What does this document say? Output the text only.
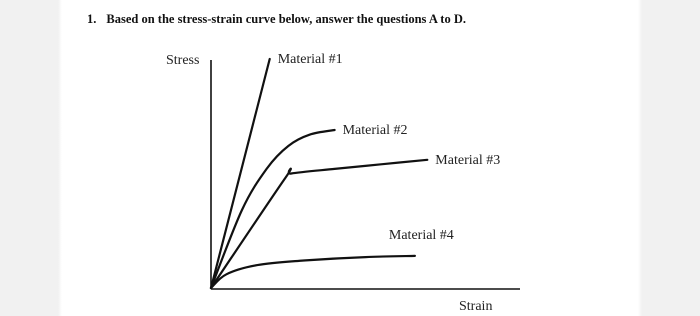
1. Based on the stress-strain curve below, answer the questions A to D.
Stress
Strain
Material #1
Material #2
Material #3
Material #4
